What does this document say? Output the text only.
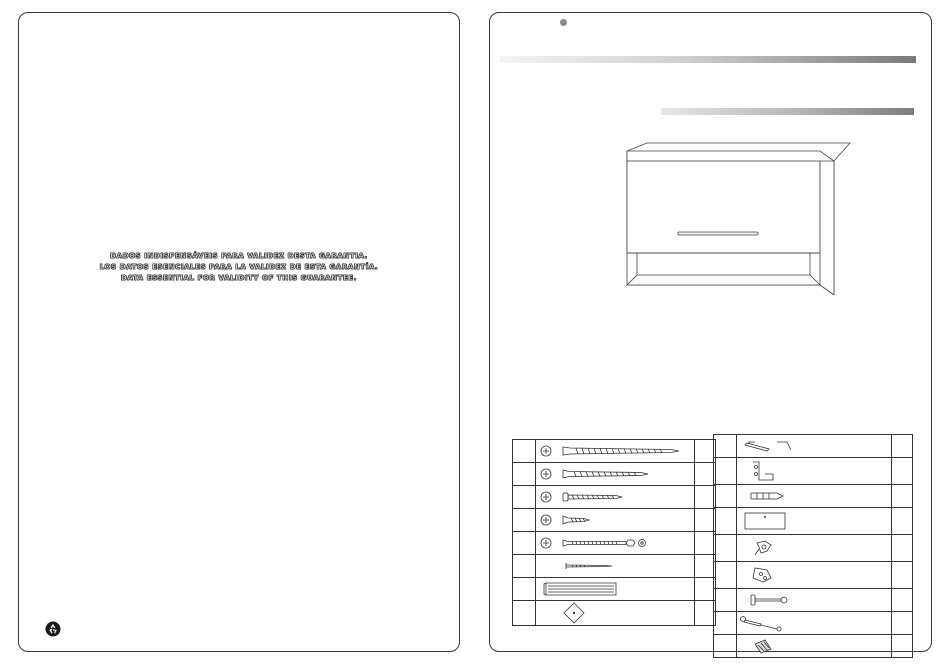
DADOS INDISPENSÁVEIS PARA VALIDEZ DESTA GARANTIA.
LOS DATOS ESENCIALES PARA LA VALIDEZ DE ESTA GARANTÍA.
DATA ESSENTIAL FOR VALIDITY OF THIS GUARANTEE.
